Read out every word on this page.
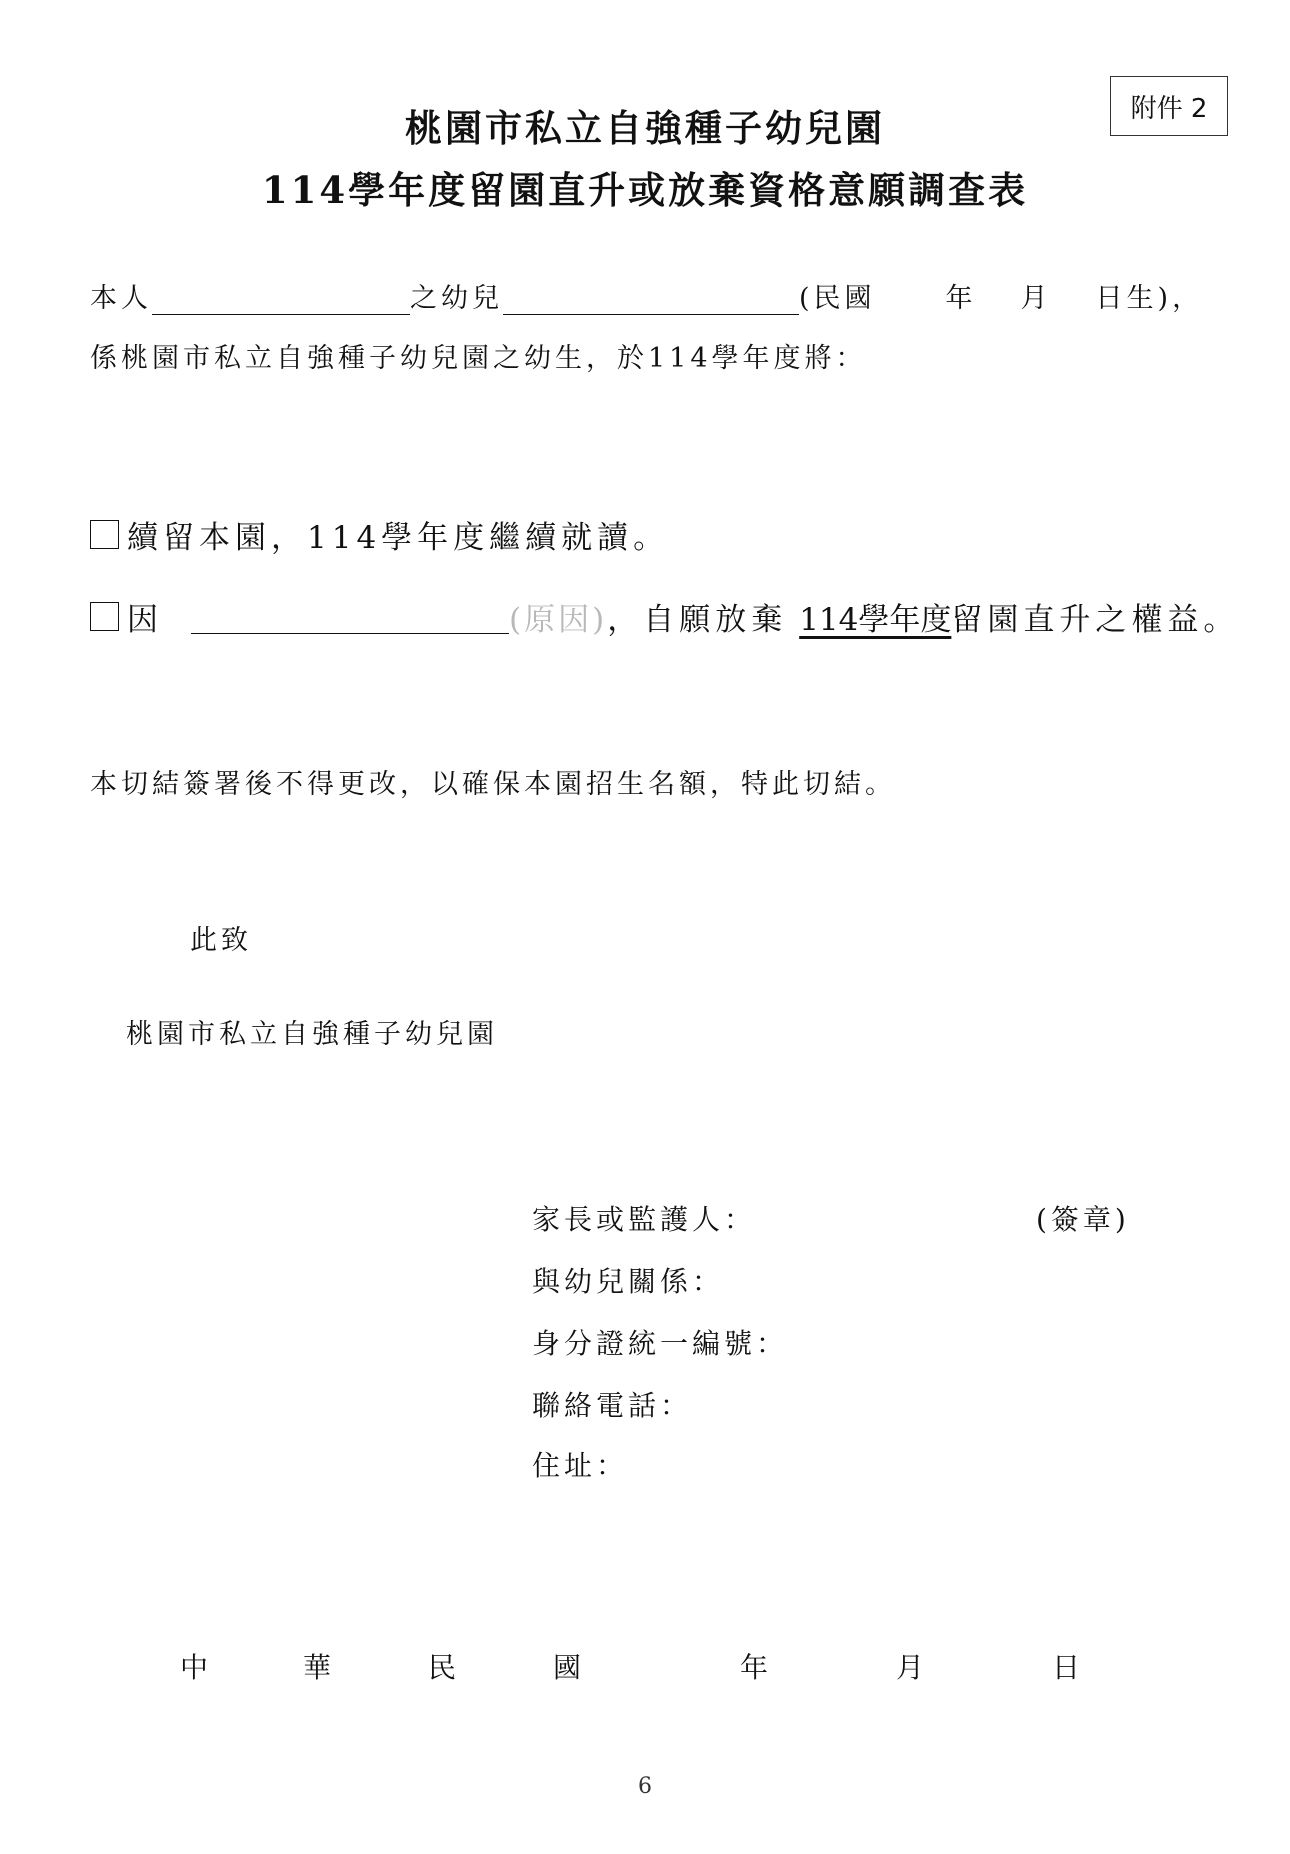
附件 2
桃園市私立自強種子幼兒園
114學年度留園直升或放棄資格意願調查表
本人	之幼兒	(民國	年 月 日生)，
係桃園市私立自強種子幼兒園之幼生，於114學年度將：
續留本園，114學年度繼續就讀。
因	(原因) ，自願放棄 114學年度 留園直升之權益。
本切結簽署後不得更改，以確保本園招生名額，特此切結。
此致
桃園市私立自強種子幼兒園
家長或監護人：	(簽章)
與幼兒關係：
身分證統一編號：
聯絡電話：
住址：
中	華	民	國	年	月	日
6
